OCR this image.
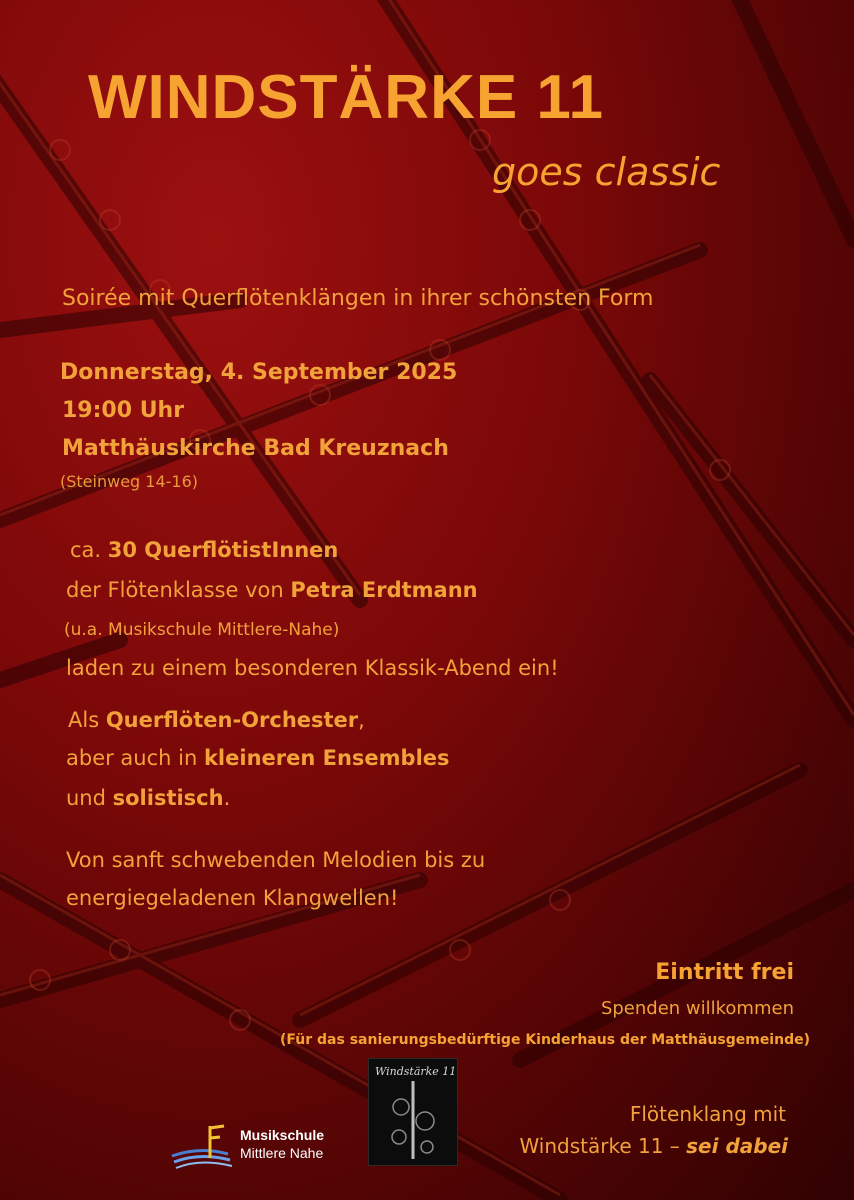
WINDSTÄRKE 11
goes classic
Soirée mit Querflötenklängen in ihrer schönsten Form
Donnerstag, 4. September 2025
19:00 Uhr
Matthäuskirche Bad Kreuznach
(Steinweg 14-16)
ca. 30 QuerflötistInnen
der Flötenklasse von Petra Erdtmann
(u.a. Musikschule Mittlere-Nahe)
laden zu einem besonderen Klassik-Abend ein!
Als Querflöten-Orchester,
aber auch in kleineren Ensembles
und solistisch.
Von sanft schwebenden Melodien bis zu
energiegeladenen Klangwellen!
Eintritt frei
Spenden willkommen
(Für das sanierungsbedürftige Kinderhaus der Matthäusgemeinde)
Flötenklang mit
Windstärke 11 – sei dabei
Musikschule
Mittlere Nahe
Windstärke 11
